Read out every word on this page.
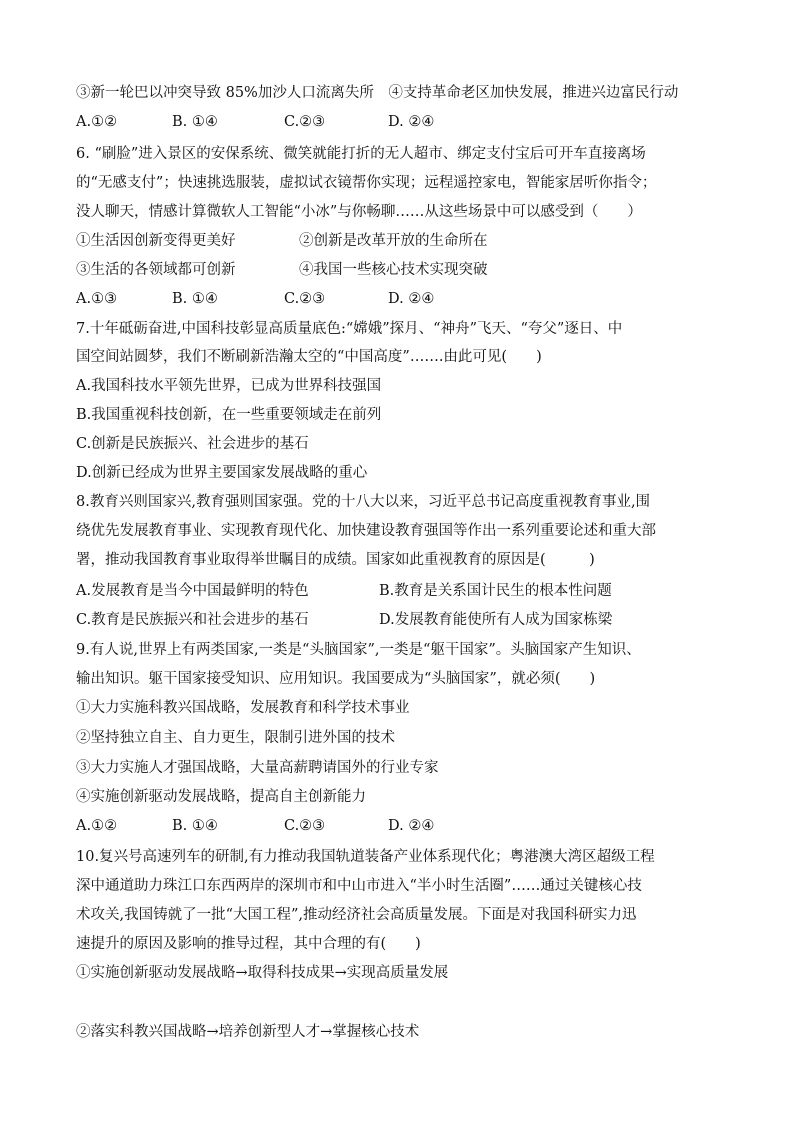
③新一轮巴以冲突导致 85%加沙人口流离失所　④支持革命老区加快发展，推进兴边富民行动
A.①②	B. ①④	C.②③	D. ②④
6. “刷脸”进入景区的安保系统、微笑就能打折的无人超市、绑定支付宝后可开车直接离场
的“无感支付”；快速挑选服装，虚拟试衣镜帮你实现；远程遥控家电，智能家居听你指令；
没人聊天，情感计算微软人工智能“小冰”与你畅聊……从这些场景中可以感受到（　　）
①生活因创新变得更美好	②创新是改革开放的生命所在
③生活的各领域都可创新	④我国一些核心技术实现突破
A.①③	B. ①④	C.②③	D. ②④
7.十年砥砺奋进,中国科技彰显高质量底色:“嫦娥”探月、“神舟”飞天、“夸父”逐日、中
国空间站圆梦，我们不断刷新浩瀚太空的“中国高度”…….由此可见(　　)
A.我国科技水平领先世界，已成为世界科技强国
B.我国重视科技创新，在一些重要领域走在前列
C.创新是民族振兴、社会进步的基石
D.创新已经成为世界主要国家发展战略的重心
8.教育兴则国家兴,教育强则国家强。党的十八大以来，习近平总书记高度重视教育事业,围
绕优先发展教育事业、实现教育现代化、加快建设教育强国等作出一系列重要论述和重大部
署，推动我国教育事业取得举世瞩目的成绩。国家如此重视教育的原因是(　　　)
A.发展教育是当今中国最鲜明的特色	B.教育是关系国计民生的根本性问题
C.教育是民族振兴和社会进步的基石	D.发展教育能使所有人成为国家栋梁
9.有人说,世界上有两类国家,一类是“头脑国家”,一类是“躯干国家”。头脑国家产生知识、
输出知识。躯干国家接受知识、应用知识。我国要成为“头脑国家”，就必须(　　)
①大力实施科教兴国战略，发展教育和科学技术事业
②坚持独立自主、自力更生，限制引进外国的技术
③大力实施人才强国战略，大量高薪聘请国外的行业专家
④实施创新驱动发展战略，提高自主创新能力
A.①②	B. ①④	C.②③	D. ②④
10.复兴号高速列车的研制,有力推动我国轨道装备产业体系现代化；粤港澳大湾区超级工程
深中通道助力珠江口东西两岸的深圳市和中山市进入“半小时生活圈”……通过关键核心技
术攻关,我国铸就了一批“大国工程”,推动经济社会高质量发展。下面是对我国科研实力迅
速提升的原因及影响的推导过程，其中合理的有(　　)
①实施创新驱动发展战略→取得科技成果→实现高质量发展
②落实科教兴国战略→培养创新型人才→掌握核心技术
